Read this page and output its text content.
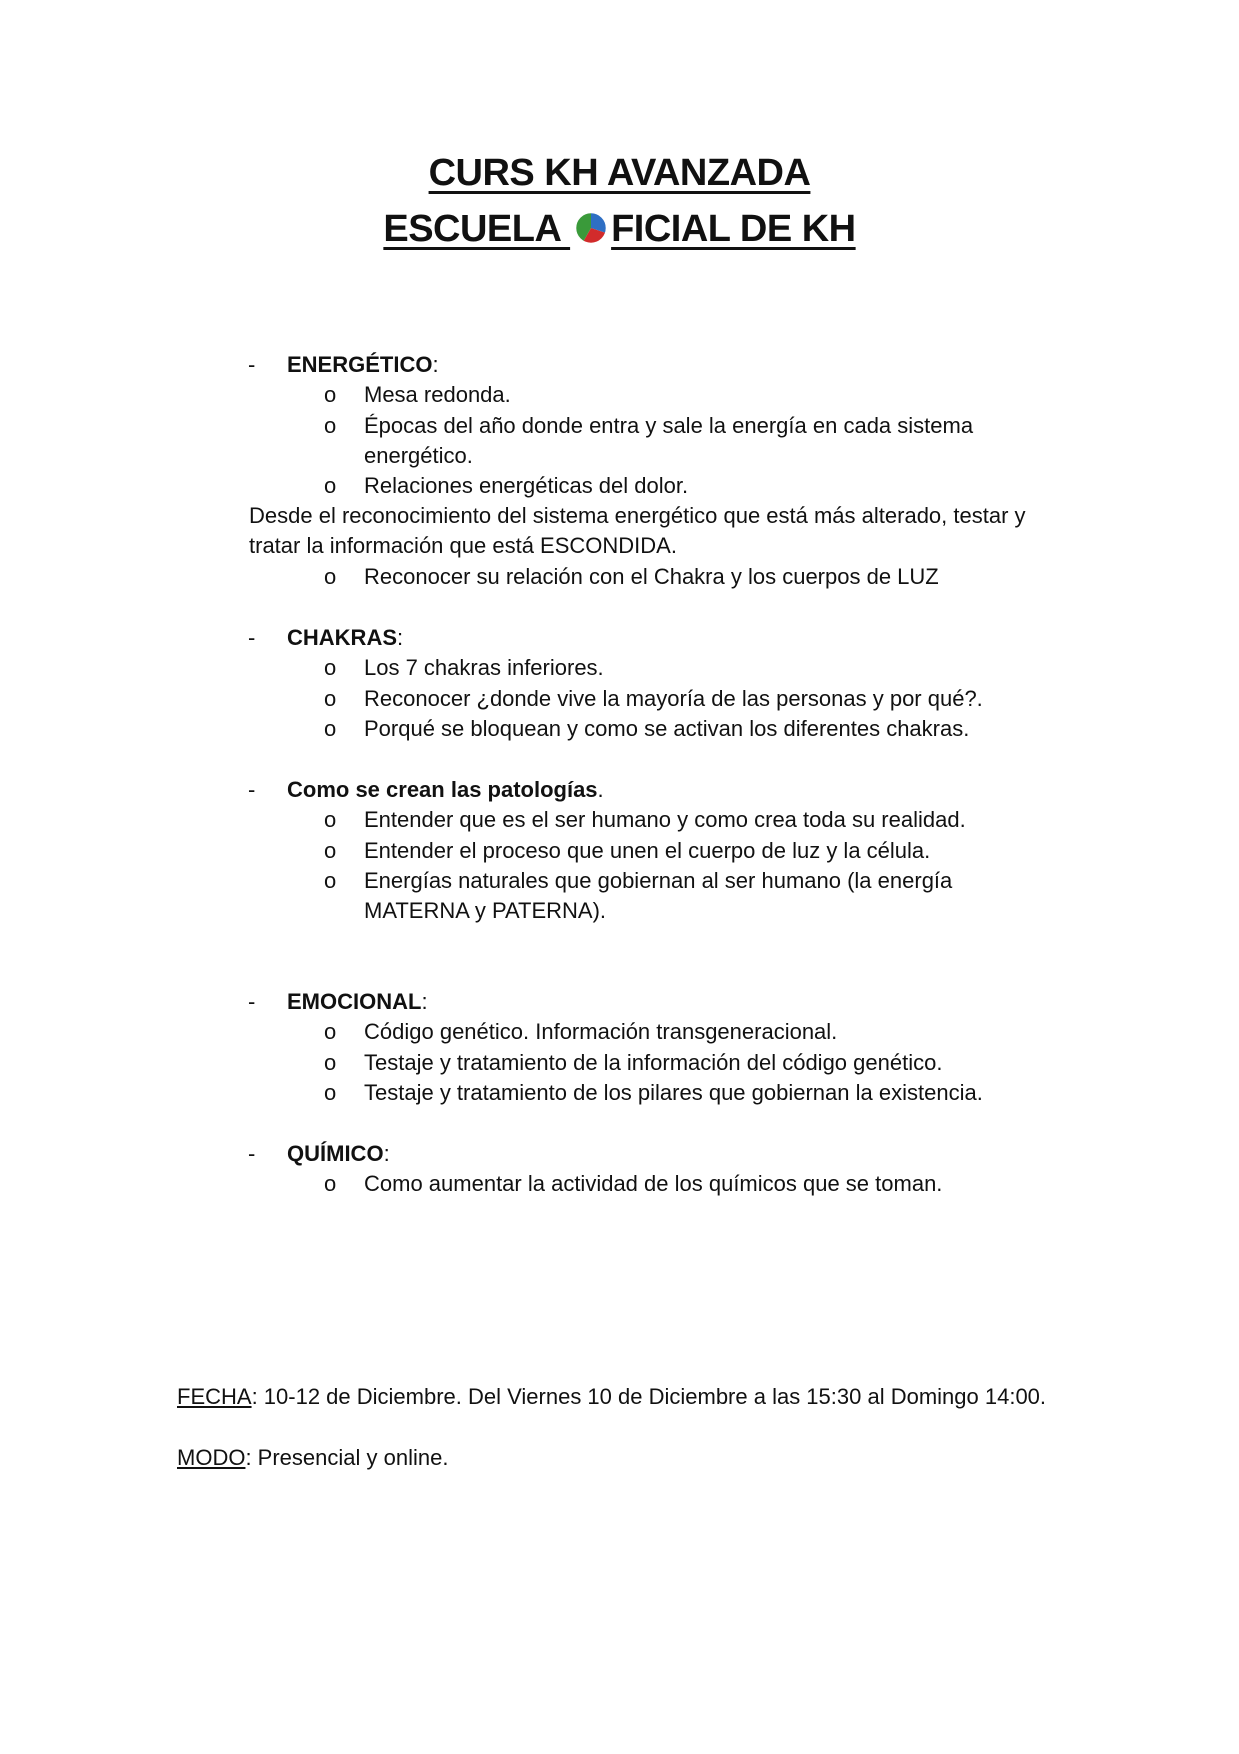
CURS KH AVANZADA
ESCUELA FICIAL DE KH
- ENERGÉTICO:
o Mesa redonda.
o Épocas del año donde entra y sale la energía en cada sistema
energético.
o Relaciones energéticas del dolor.
Desde el reconocimiento del sistema energético que está más alterado, testar y
tratar la información que está ESCONDIDA.
o Reconocer su relación con el Chakra y los cuerpos de LUZ
- CHAKRAS:
o Los 7 chakras inferiores.
o Reconocer ¿donde vive la mayoría de las personas y por qué?.
o Porqué se bloquean y como se activan los diferentes chakras.
- Como se crean las patologías.
o Entender que es el ser humano y como crea toda su realidad.
o Entender el proceso que unen el cuerpo de luz y la célula.
o Energías naturales que gobiernan al ser humano (la energía
MATERNA y PATERNA).
- EMOCIONAL:
o Código genético. Información transgeneracional.
o Testaje y tratamiento de la información del código genético.
o Testaje y tratamiento de los pilares que gobiernan la existencia.
- QUÍMICO:
o Como aumentar la actividad de los químicos que se toman.
FECHA: 10-12 de Diciembre. Del Viernes 10 de Diciembre a las 15:30 al Domingo 14:00.
MODO: Presencial y online.
